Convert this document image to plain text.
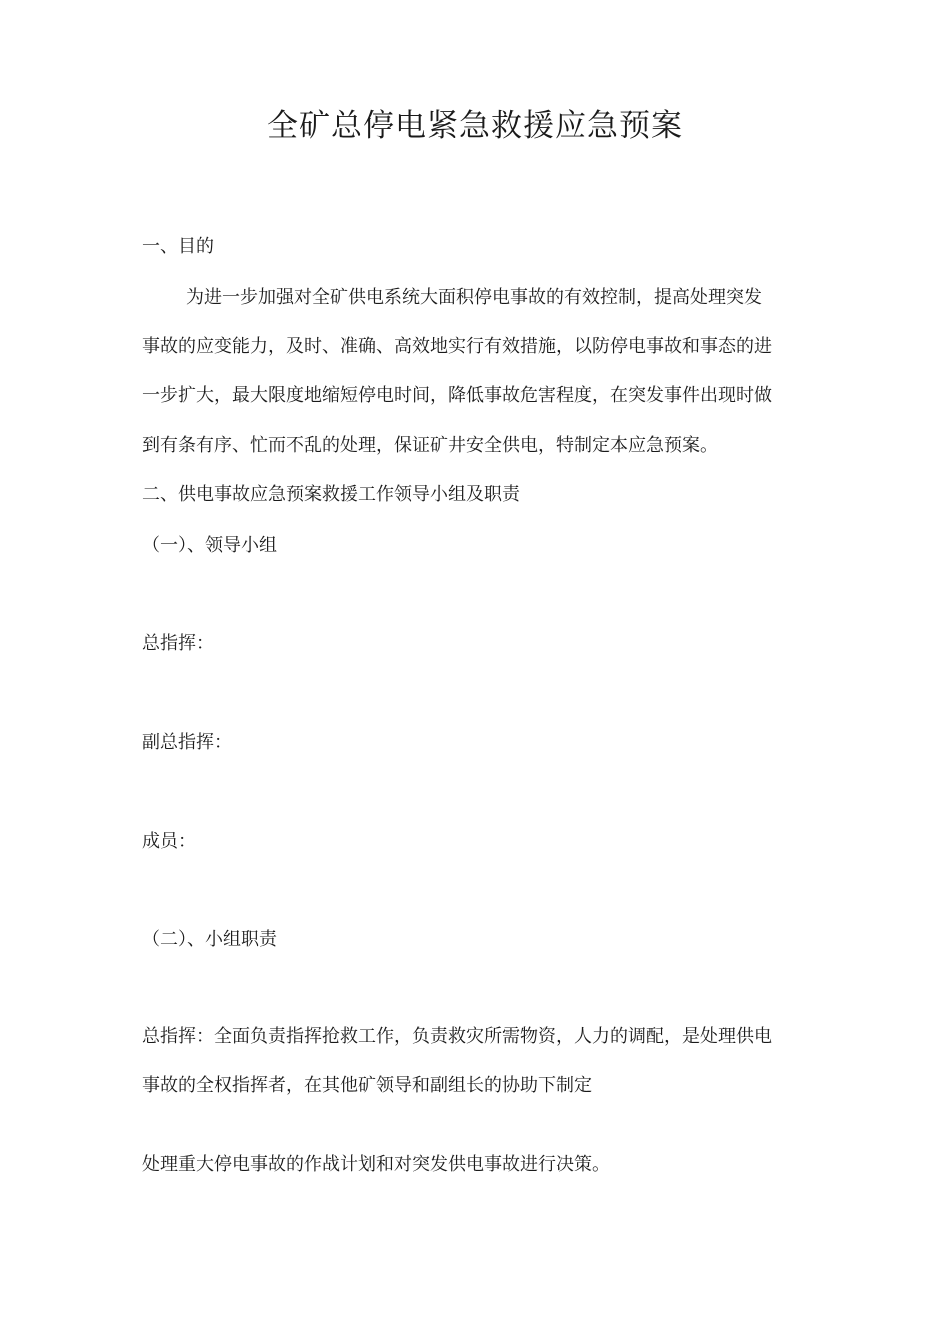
全矿总停电紧急救援应急预案
一、目的
为进一步加强对全矿供电系统大面积停电事故的有效控制，提高处理突发
事故的应变能力，及时、准确、高效地实行有效措施，以防停电事故和事态的进
一步扩大，最大限度地缩短停电时间，降低事故危害程度，在突发事件出现时做
到有条有序、忙而不乱的处理，保证矿井安全供电，特制定本应急预案。
二、供电事故应急预案救援工作领导小组及职责
（一）、领导小组
总指挥：
副总指挥：
成员：
（二）、小组职责
总指挥：全面负责指挥抢救工作，负责救灾所需物资，人力的调配，是处理供电
事故的全权指挥者，在其他矿领导和副组长的协助下制定
处理重大停电事故的作战计划和对突发供电事故进行决策。
